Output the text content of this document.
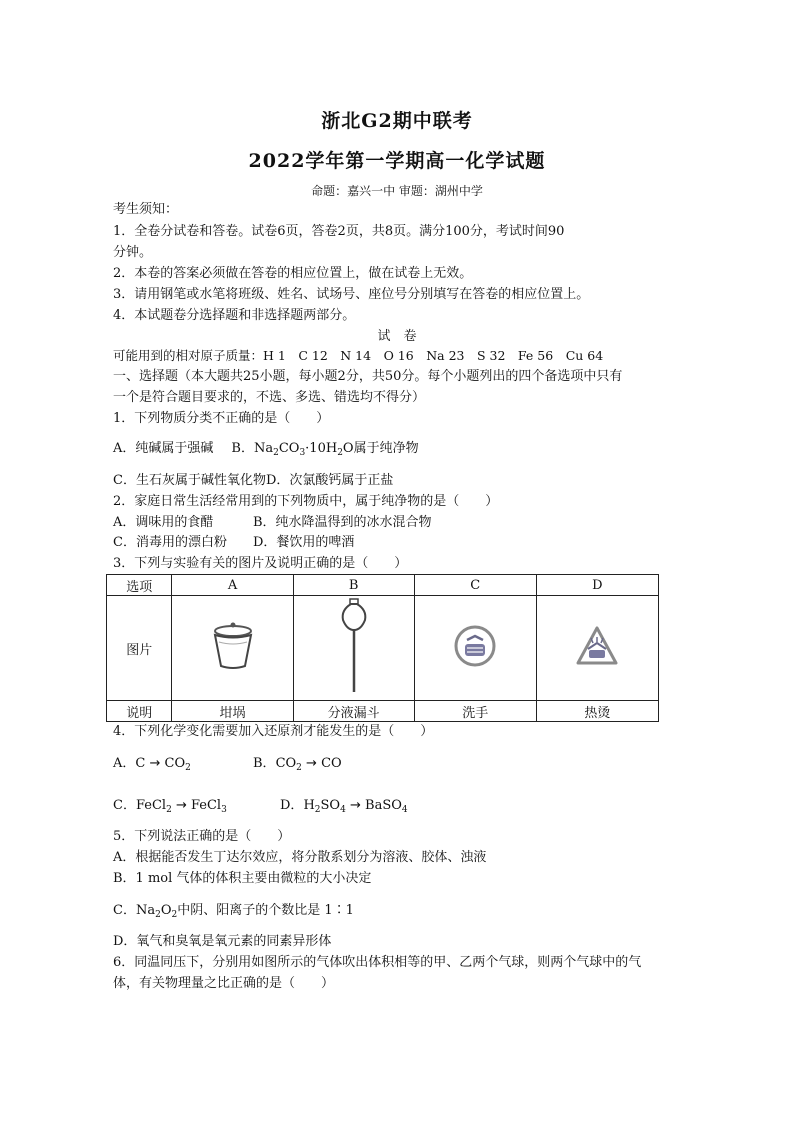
浙北G2期中联考
2022学年第一学期高一化学试题
命题：嘉兴一中 审题：湖州中学
考生须知：
1．全卷分试卷和答卷。试卷6页，答卷2页，共8页。满分100分，考试时间90
分钟。
2．本卷的答案必须做在答卷的相应位置上，做在试卷上无效。
3．请用钢笔或水笔将班级、姓名、试场号、座位号分别填写在答卷的相应位置上。
4．本试题卷分选择题和非选择题两部分。
试　卷
可能用到的相对原子质量：H 1　C 12　N 14　O 16　Na 23　S 32　Fe 56　Cu 64
一、选择题（本大题共25小题，每小题2分，共50分。每个小题列出的四个备选项中只有
一个是符合题目要求的，不选、多选、错选均不得分）
1．下列物质分类不正确的是（　　）
A．纯碱属于强碱 B．$Na_2CO_3\cdot 10H_2O$属于纯净物
C．生石灰属于碱性氧化物D．次氯酸钙属于正盐
2．家庭日常生活经常用到的下列物质中，属于纯净物的是（　　）
A．调味用的食醋	B．纯水降温得到的冰水混合物
C．消毒用的漂白粉 D．餐饮用的啤酒
3．下列与实验有关的图片及说明正确的是（　　）
选项	A	B	C	D
图片				
说明	坩埚	分液漏斗	洗手	热烫
4．下列化学变化需要加入还原剂才能发生的是（　　）
A．$C \to CO_2$	B．$CO_2$ → CO
C．FeCl$_2$ → FeCl$_3$	D．$H_2SO_4$ → BaSO$_4$
5．下列说法正确的是（　　）
A．根据能否发生丁达尔效应，将分散系划分为溶液、胶体、浊液
B．1 mol 气体的体积主要由微粒的大小决定
C．$Na_2O_2$中阴、阳离子的个数比是 1∶1
D．氧气和臭氧是氧元素的同素异形体
6．同温同压下，分别用如图所示的气体吹出体积相等的甲、乙两个气球，则两个气球中的气
体，有关物理量之比正确的是（　　）
